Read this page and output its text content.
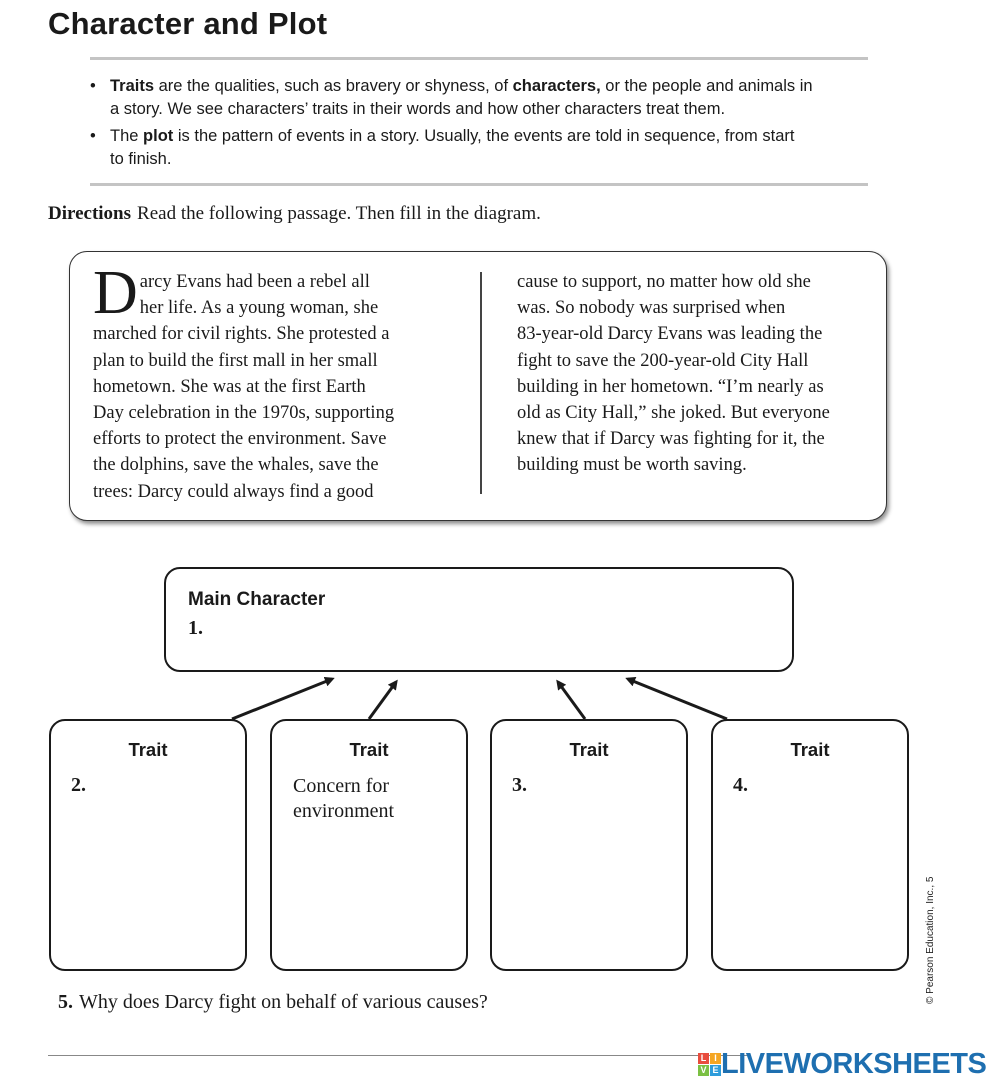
Character and Plot
• Traits are the qualities, such as bravery or shyness, of characters, or the people and animals in
a story. We see characters’ traits in their words and how other characters treat them.
• The plot is the pattern of events in a story. Usually, the events are told in sequence, from start
to finish.
Directions Read the following passage. Then fill in the diagram.
D arcy Evans had been a rebel all
her life. As a young woman, she
marched for civil rights. She protested a
plan to build the first mall in her small
hometown. She was at the first Earth
Day celebration in the 1970s, supporting
efforts to protect the environment. Save
the dolphins, save the whales, save the
trees: Darcy could always find a good
cause to support, no matter how old she
was. So nobody was surprised when
83-year-old Darcy Evans was leading the
fight to save the 200-year-old City Hall
building in her hometown. “I’m nearly as
old as City Hall,” she joked. But everyone
knew that if Darcy was fighting for it, the
building must be worth saving.
Main Character
1.
Trait
2.
Trait
Concern for
environment
Trait
3.
Trait
4.
5. Why does Darcy fight on behalf of various causes?	© Pearson Education, Inc., 5
L I
V E LIVEWORKSHEETS
